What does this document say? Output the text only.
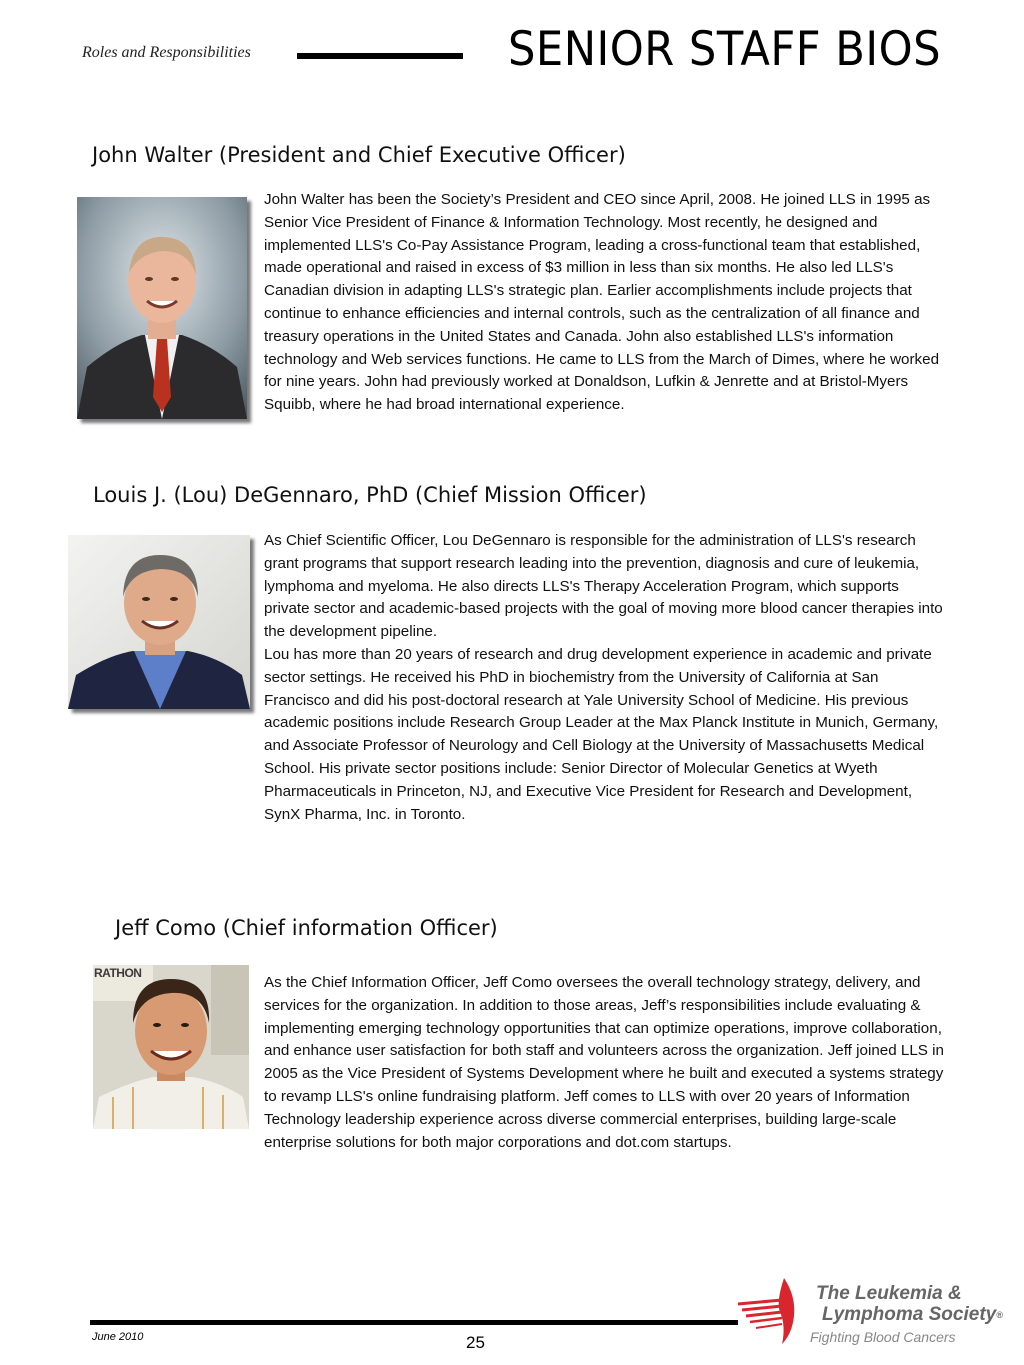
Roles and Responsibilities	SENIOR STAFF BIOS
John Walter (President and Chief Executive Officer)

John Walter has been the Society’s President and CEO since April, 2008. He joined LLS in 1995 as Senior Vice President of Finance & Information Technology. Most recently, he designed and implemented LLS's Co-Pay Assistance Program, leading a cross-functional team that established, made operational and raised in excess of $3 million in less than six months. He also led LLS's Canadian division in adapting LLS's strategic plan. Earlier accomplishments include projects that continue to enhance efficiencies and internal controls, such as the centralization of all finance and treasury operations in the United States and Canada. John also established LLS's information technology and Web services functions. He came to LLS from the March of Dimes, where he worked for nine years. John had previously worked at Donaldson, Lufkin & Jenrette and at Bristol-Myers Squibb, where he had broad international experience.

Louis J. (Lou) DeGennaro, PhD (Chief Mission Officer)

As Chief Scientific Officer, Lou DeGennaro is responsible for the administration of LLS's research grant programs that support research leading into the prevention, diagnosis and cure of leukemia, lymphoma and myeloma. He also directs LLS's Therapy Acceleration Program, which supports private sector and academic-based projects with the goal of moving more blood cancer therapies into the development pipeline.

Lou has more than 20 years of research and drug development experience in academic and private sector settings. He received his PhD in biochemistry from the University of California at San Francisco and did his post-doctoral research at Yale University School of Medicine. His previous academic positions include Research Group Leader at the Max Planck Institute in Munich, Germany, and Associate Professor of Neurology and Cell Biology at the University of Massachusetts Medical School. His private sector positions include: Senior Director of Molecular Genetics at Wyeth Pharmaceuticals in Princeton, NJ, and Executive Vice President for Research and Development, SynX Pharma, Inc. in Toronto.

Jeff Como (Chief information Officer)
RATHON

As the Chief Information Officer, Jeff Como oversees the overall technology strategy, delivery, and services for the organization. In addition to those areas, Jeff’s responsibilities include evaluating & implementing emerging technology opportunities that can optimize operations, improve collaboration, and enhance user satisfaction for both staff and volunteers across the organization. Jeff joined LLS in 2005 as the Vice President of Systems Development where he built and executed a systems strategy to revamp LLS's online fundraising platform. Jeff comes to LLS with over 20 years of Information Technology leadership experience across diverse commercial enterprises, building large-scale enterprise solutions for both major corporations and dot.com startups.

June 2010	25
The Leukemia &
Lymphoma Society®
Fighting Blood Cancers
